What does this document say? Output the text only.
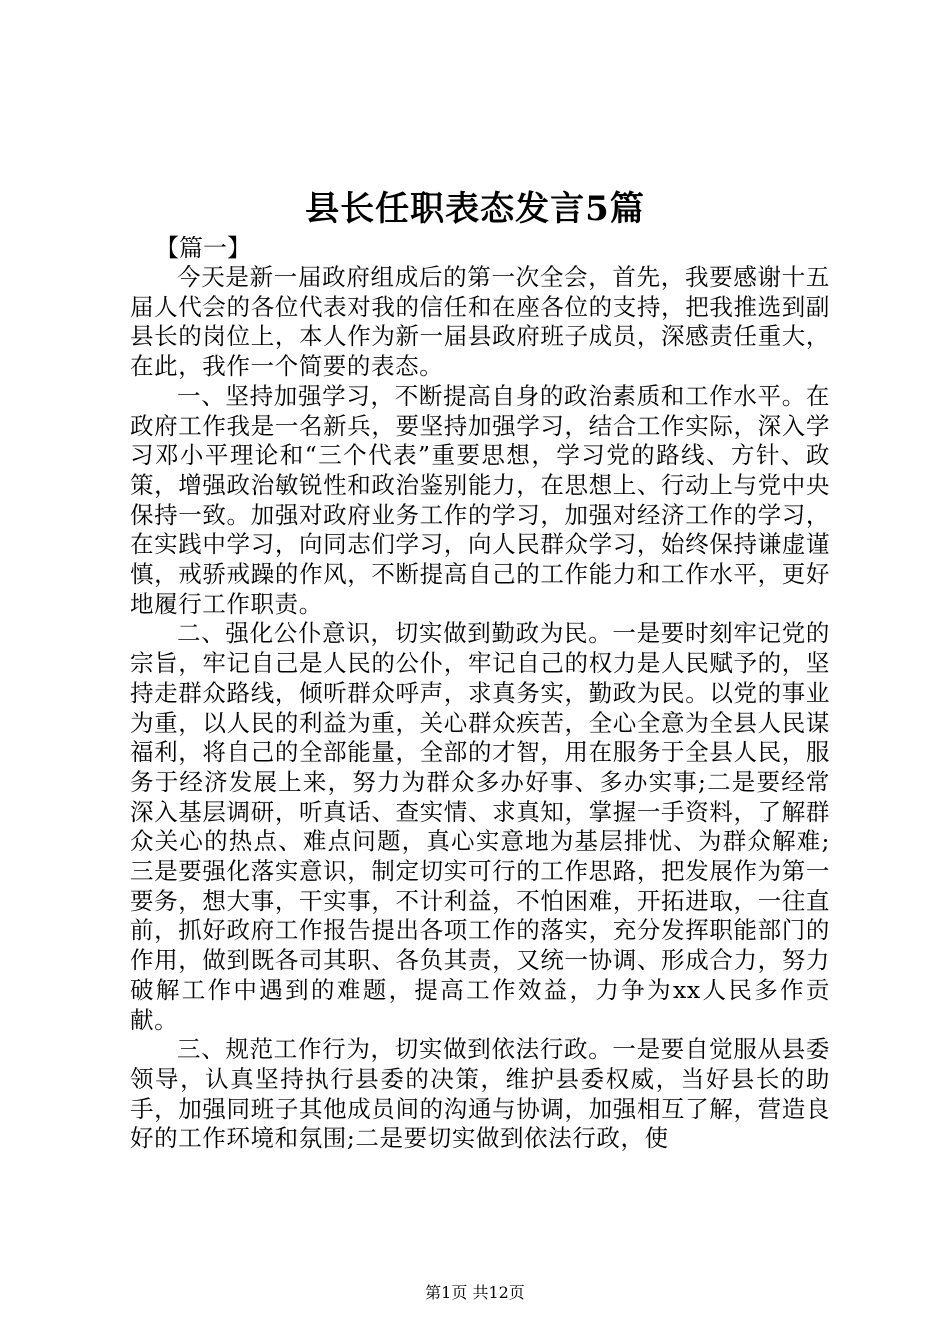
县长任职表态发言5篇
【篇一】

今天是新一届政府组成后的第一次全会，首先，我要感谢十五届人代会的各位代表对我的信任和在座各位的支持，把我推选到副县长的岗位上，本人作为新一届县政府班子成员，深感责任重大，在此，我作一个简要的表态。

一、坚持加强学习，不断提高自身的政治素质和工作水平。在政府工作我是一名新兵，要坚持加强学习，结合工作实际，深入学习邓小平理论和“三个代表”重要思想，学习党的路线、方针、政策，增强政治敏锐性和政治鉴别能力，在思想上、行动上与党中央保持一致。加强对政府业务工作的学习，加强对经济工作的学习，在实践中学习，向同志们学习，向人民群众学习，始终保持谦虚谨慎，戒骄戒躁的作风，不断提高自己的工作能力和工作水平，更好地履行工作职责。

二、强化公仆意识，切实做到勤政为民。一是要时刻牢记党的宗旨，牢记自己是人民的公仆，牢记自己的权力是人民赋予的，坚持走群众路线，倾听群众呼声，求真务实，勤政为民。以党的事业为重，以人民的利益为重，关心群众疾苦，全心全意为全县人民谋福利，将自己的全部能量，全部的才智，用在服务于全县人民，服务于经济发展上来，努力为群众多办好事、多办实事;二是要经常深入基层调研，听真话、查实情、求真知，掌握一手资料，了解群众关心的热点、难点问题，真心实意地为基层排忧、为群众解难;三是要强化落实意识，制定切实可行的工作思路，把发展作为第一要务，想大事，干实事，不计利益，不怕困难，开拓进取，一往直前，抓好政府工作报告提出各项工作的落实，充分发挥职能部门的作用，做到既各司其职、各负其责，又统一协调、形成合力，努力破解工作中遇到的难题，提高工作效益，力争为xx人民多作贡献。

三、规范工作行为，切实做到依法行政。一是要自觉服从县委领导，认真坚持执行县委的决策，维护县委权威，当好县长的助手，加强同班子其他成员间的沟通与协调，加强相互了解，营造良好的工作环境和氛围;二是要切实做到依法行政，使

第1页 共12页
